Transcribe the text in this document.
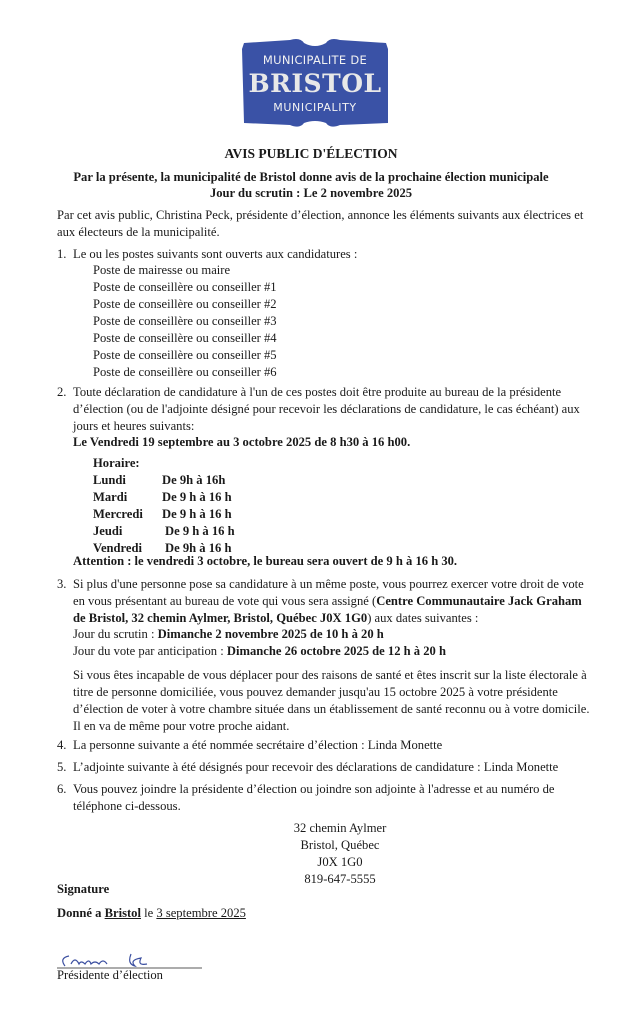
MUNICIPALITE DE
BRISTOL
MUNICIPALITY
AVIS PUBLIC D'ÉLECTION
Par la présente, la municipalité de Bristol donne avis de la prochaine élection municipale
Jour du scrutin : Le 2 novembre 2025
Par cet avis public, Christina Peck, présidente d’élection, annonce les éléments suivants aux électrices et
aux électeurs de la municipalité.
1. Le ou les postes suivants sont ouverts aux candidatures :
Poste de mairesse ou maire
Poste de conseillère ou conseiller #1
Poste de conseillère ou conseiller #2
Poste de conseillère ou conseiller #3
Poste de conseillère ou conseiller #4
Poste de conseillère ou conseiller #5
Poste de conseillère ou conseiller #6
2. Toute déclaration de candidature à l'un de ces postes doit être produite au bureau de la présidente
d’élection (ou de l'adjointe désigné pour recevoir les déclarations de candidature, le cas échéant) aux
jours et heures suivants:
Le Vendredi 19 septembre au 3 octobre 2025 de 8 h30 à 16 h00.
Horaire:
Lundi	De 9h à 16h
Mardi	De 9 h à 16 h
Mercredi De 9 h à 16 h
Jeudi	De 9 h à 16 h
Vendredi De 9h à 16 h
Attention : le vendredi 3 octobre, le bureau sera ouvert de 9 h à 16 h 30.
3. Si plus d'une personne pose sa candidature à un même poste, vous pourrez exercer votre droit de vote
en vous présentant au bureau de vote qui vous sera assigné (Centre Communautaire Jack Graham
de Bristol, 32 chemin Aylmer, Bristol, Québec J0X 1G0) aux dates suivantes :
Jour du scrutin : Dimanche 2 novembre 2025 de 10 h à 20 h
Jour du vote par anticipation : Dimanche 26 octobre 2025 de 12 h à 20 h
Si vous êtes incapable de vous déplacer pour des raisons de santé et êtes inscrit sur la liste électorale à
titre de personne domiciliée, vous pouvez demander jusqu'au 15 octobre 2025 à votre présidente
d’élection de voter à votre chambre située dans un établissement de santé reconnu ou à votre domicile.
Il en va de même pour votre proche aidant.
4. La personne suivante a été nommée secrétaire d’élection : Linda Monette
5. L’adjointe suivante à été désignés pour recevoir des déclarations de candidature : Linda Monette
6. Vous pouvez joindre la présidente d’élection ou joindre son adjointe à l'adresse et au numéro de
téléphone ci-dessous.
32 chemin Aylmer
Bristol, Québec
J0X 1G0
819-647-5555
Signature
Donné a Bristol le 3 septembre 2025
Présidente d’élection
